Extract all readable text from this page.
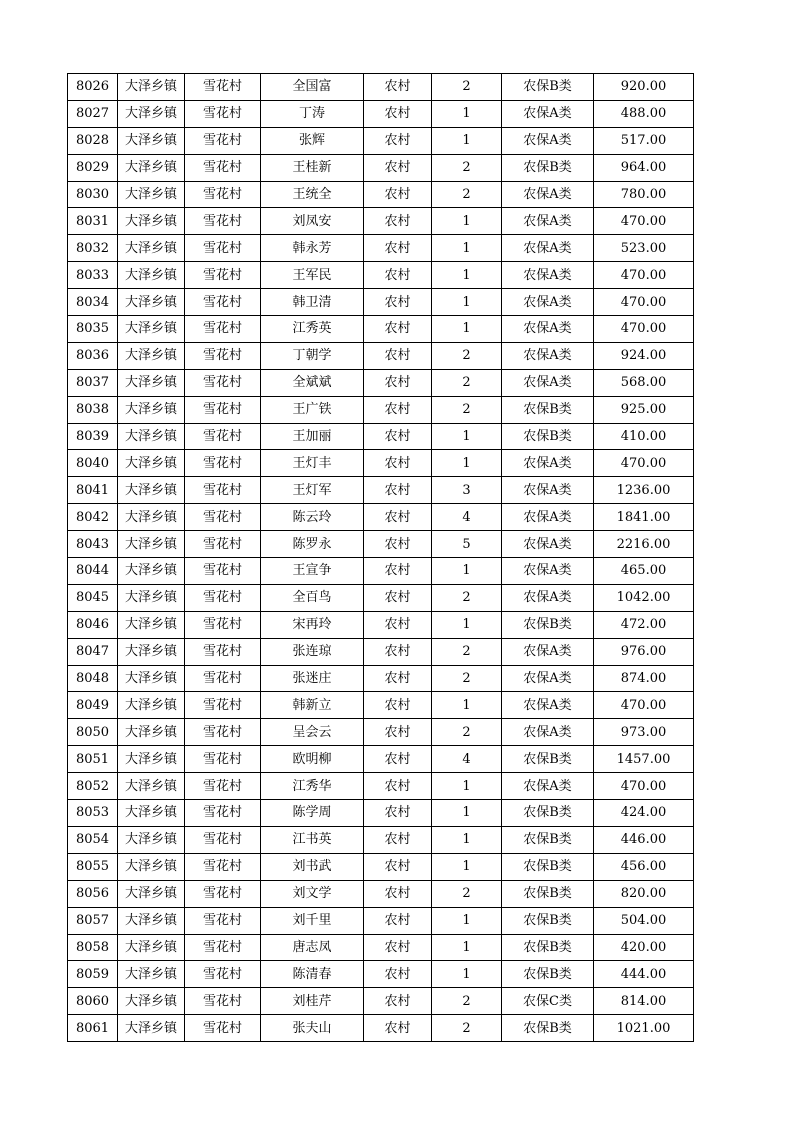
8026	大泽乡镇	雪花村	全国富	农村	2	农保B类	920.00
8027	大泽乡镇	雪花村	丁涛	农村	1	农保A类	488.00
8028	大泽乡镇	雪花村	张辉	农村	1	农保A类	517.00
8029	大泽乡镇	雪花村	王桂新	农村	2	农保B类	964.00
8030	大泽乡镇	雪花村	王统全	农村	2	农保A类	780.00
8031	大泽乡镇	雪花村	刘凤安	农村	1	农保A类	470.00
8032	大泽乡镇	雪花村	韩永芳	农村	1	农保A类	523.00
8033	大泽乡镇	雪花村	王军民	农村	1	农保A类	470.00
8034	大泽乡镇	雪花村	韩卫清	农村	1	农保A类	470.00
8035	大泽乡镇	雪花村	江秀英	农村	1	农保A类	470.00
8036	大泽乡镇	雪花村	丁朝学	农村	2	农保A类	924.00
8037	大泽乡镇	雪花村	全斌斌	农村	2	农保A类	568.00
8038	大泽乡镇	雪花村	王广铁	农村	2	农保B类	925.00
8039	大泽乡镇	雪花村	王加丽	农村	1	农保B类	410.00
8040	大泽乡镇	雪花村	王灯丰	农村	1	农保A类	470.00
8041	大泽乡镇	雪花村	王灯军	农村	3	农保A类	1236.00
8042	大泽乡镇	雪花村	陈云玲	农村	4	农保A类	1841.00
8043	大泽乡镇	雪花村	陈罗永	农村	5	农保A类	2216.00
8044	大泽乡镇	雪花村	王宣争	农村	1	农保A类	465.00
8045	大泽乡镇	雪花村	全百鸟	农村	2	农保A类	1042.00
8046	大泽乡镇	雪花村	宋再玲	农村	1	农保B类	472.00
8047	大泽乡镇	雪花村	张连琼	农村	2	农保A类	976.00
8048	大泽乡镇	雪花村	张迷庄	农村	2	农保A类	874.00
8049	大泽乡镇	雪花村	韩新立	农村	1	农保A类	470.00
8050	大泽乡镇	雪花村	呈会云	农村	2	农保A类	973.00
8051	大泽乡镇	雪花村	欧明柳	农村	4	农保B类	1457.00
8052	大泽乡镇	雪花村	江秀华	农村	1	农保A类	470.00
8053	大泽乡镇	雪花村	陈学周	农村	1	农保B类	424.00
8054	大泽乡镇	雪花村	江书英	农村	1	农保B类	446.00
8055	大泽乡镇	雪花村	刘书武	农村	1	农保B类	456.00
8056	大泽乡镇	雪花村	刘文学	农村	2	农保B类	820.00
8057	大泽乡镇	雪花村	刘千里	农村	1	农保B类	504.00
8058	大泽乡镇	雪花村	唐志凤	农村	1	农保B类	420.00
8059	大泽乡镇	雪花村	陈清春	农村	1	农保B类	444.00
8060	大泽乡镇	雪花村	刘桂芹	农村	2	农保C类	814.00
8061	大泽乡镇	雪花村	张夫山	农村	2	农保B类	1021.00
